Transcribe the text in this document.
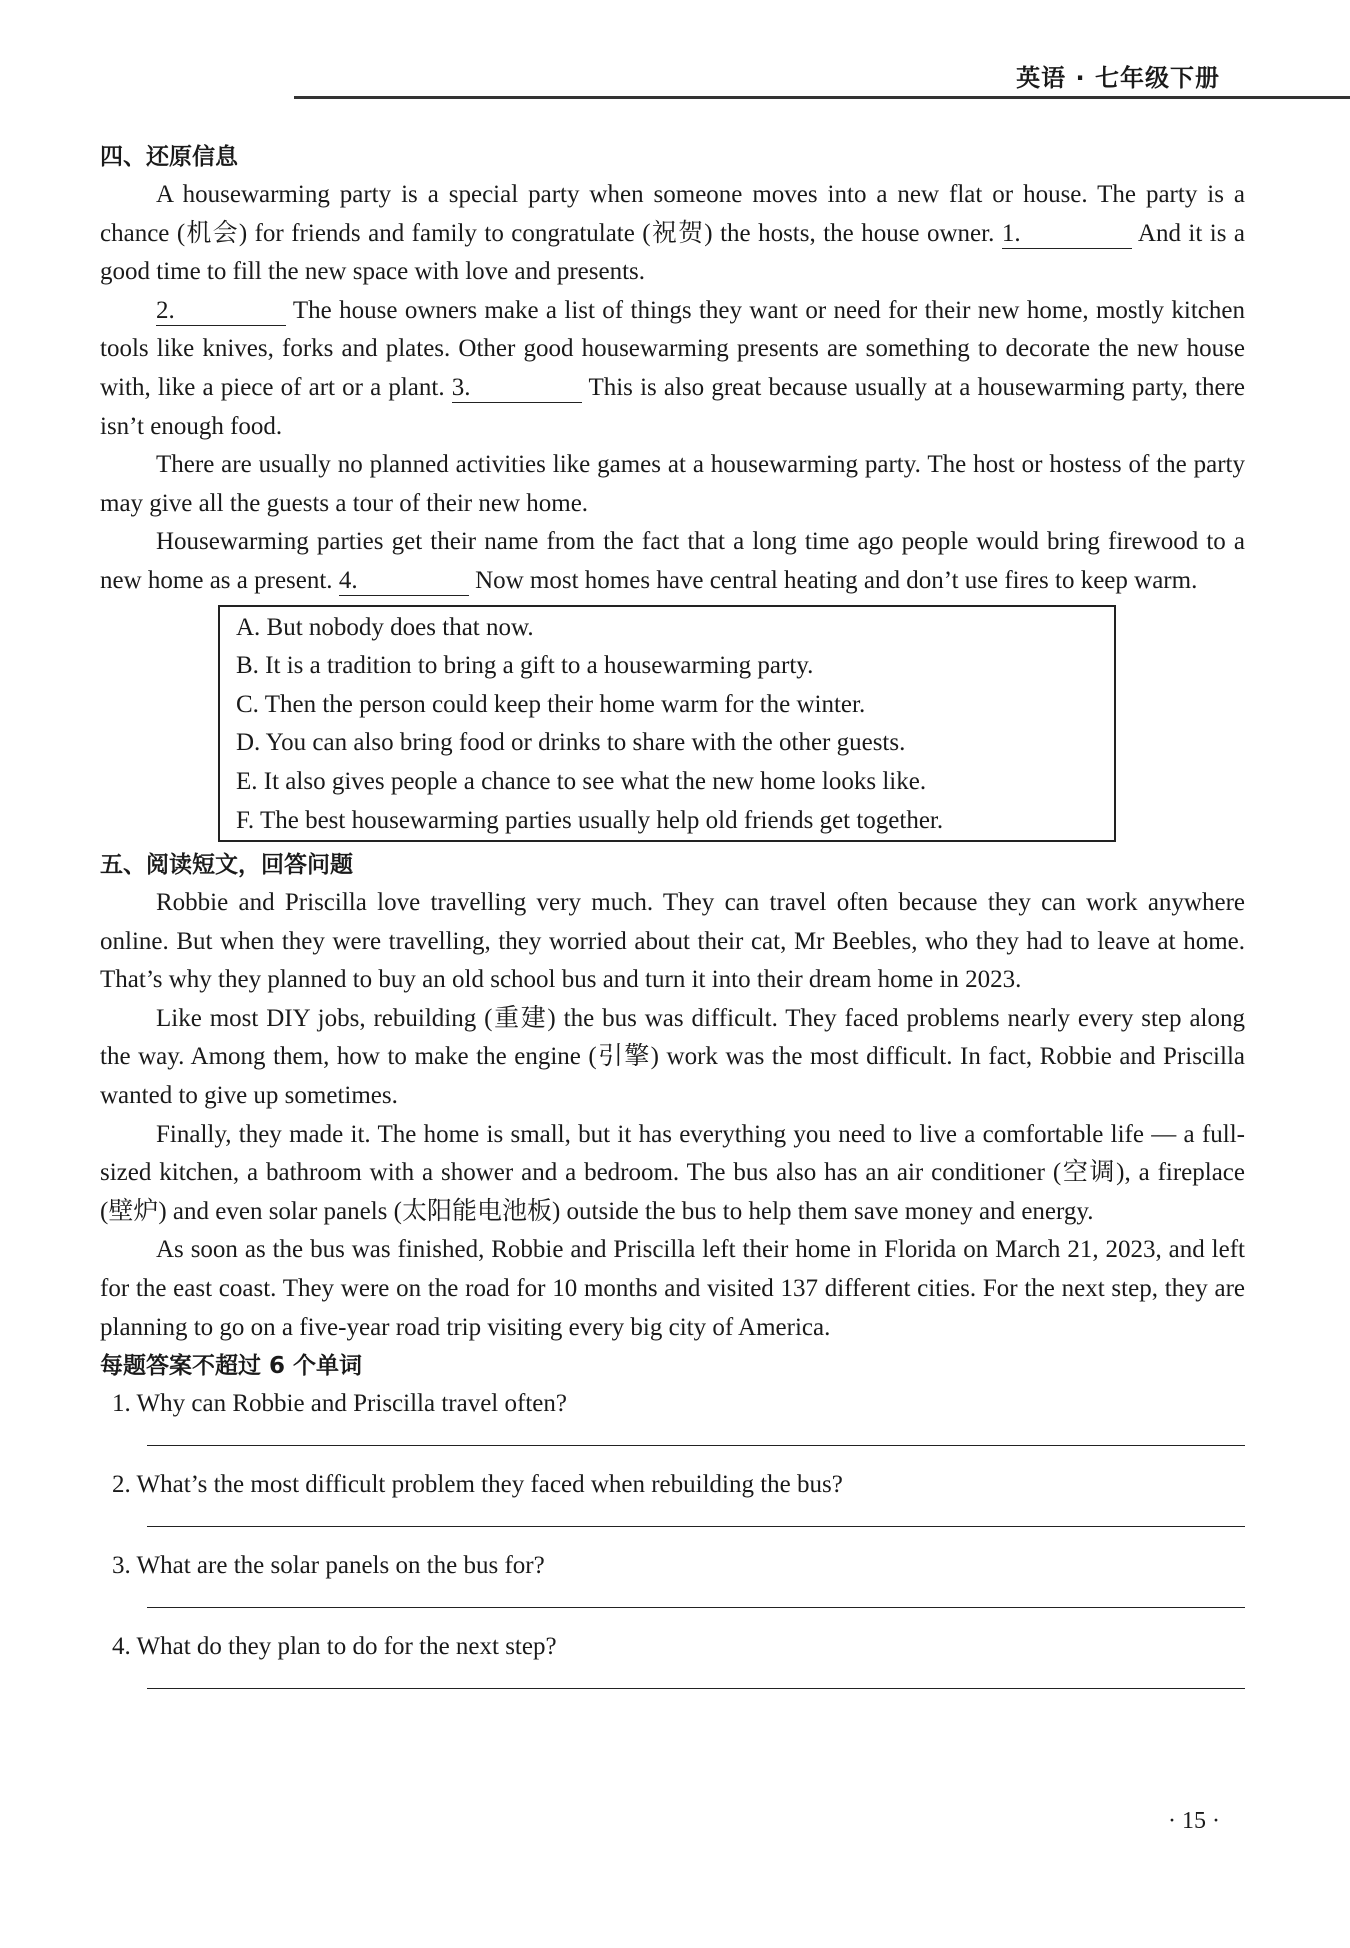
英语 · 七年级下册
四、还原信息

A housewarming party is a special party when someone moves into a new flat or house. The party is a chance (机会) for friends and family to congratulate (祝贺) the hosts, the house owner. 1.	And it is a good time to fill the new space with love and presents.

2.	The house owners make a list of things they want or need for their new home, mostly kitchen tools like knives, forks and plates. Other good housewarming presents are something to decorate the new house with, like a piece of art or a plant. 3.	This is also great because usually at a housewarming party, there isn’t enough food.

There are usually no planned activities like games at a housewarming party. The host or hostess of the party may give all the guests a tour of their new home.

Housewarming parties get their name from the fact that a long time ago people would bring firewood to a new home as a present. 4.	Now most homes have central heating and don’t use fires to keep warm.

A. But nobody does that now.
B. It is a tradition to bring a gift to a housewarming party.
C. Then the person could keep their home warm for the winter.
D. You can also bring food or drinks to share with the other guests.
E. It also gives people a chance to see what the new home looks like.
F. The best housewarming parties usually help old friends get together.
五、阅读短文，回答问题

Robbie and Priscilla love travelling very much. They can travel often because they can work anywhere online. But when they were travelling, they worried about their cat, Mr Beebles, who they had to leave at home. That’s why they planned to buy an old school bus and turn it into their dream home in 2023.

Like most DIY jobs, rebuilding (重建) the bus was difficult. They faced problems nearly every step along the way. Among them, how to make the engine (引擎) work was the most difficult. In fact, Robbie and Priscilla wanted to give up sometimes.

Finally, they made it. The home is small, but it has everything you need to live a comfortable life — a full-sized kitchen, a bathroom with a shower and a bedroom. The bus also has an air conditioner (空调), a fireplace (壁炉) and even solar panels (太阳能电池板) outside the bus to help them save money and energy.

As soon as the bus was finished, Robbie and Priscilla left their home in Florida on March 21, 2023, and left for the east coast. They were on the road for 10 months and visited 137 different cities. For the next step, they are planning to go on a five-year road trip visiting every big city of America.

每题答案不超过 6 个单词
1. Why can Robbie and Priscilla travel often?
2. What’s the most difficult problem they faced when rebuilding the bus?
3. What are the solar panels on the bus for?
4. What do they plan to do for the next step?
· 15 ·
